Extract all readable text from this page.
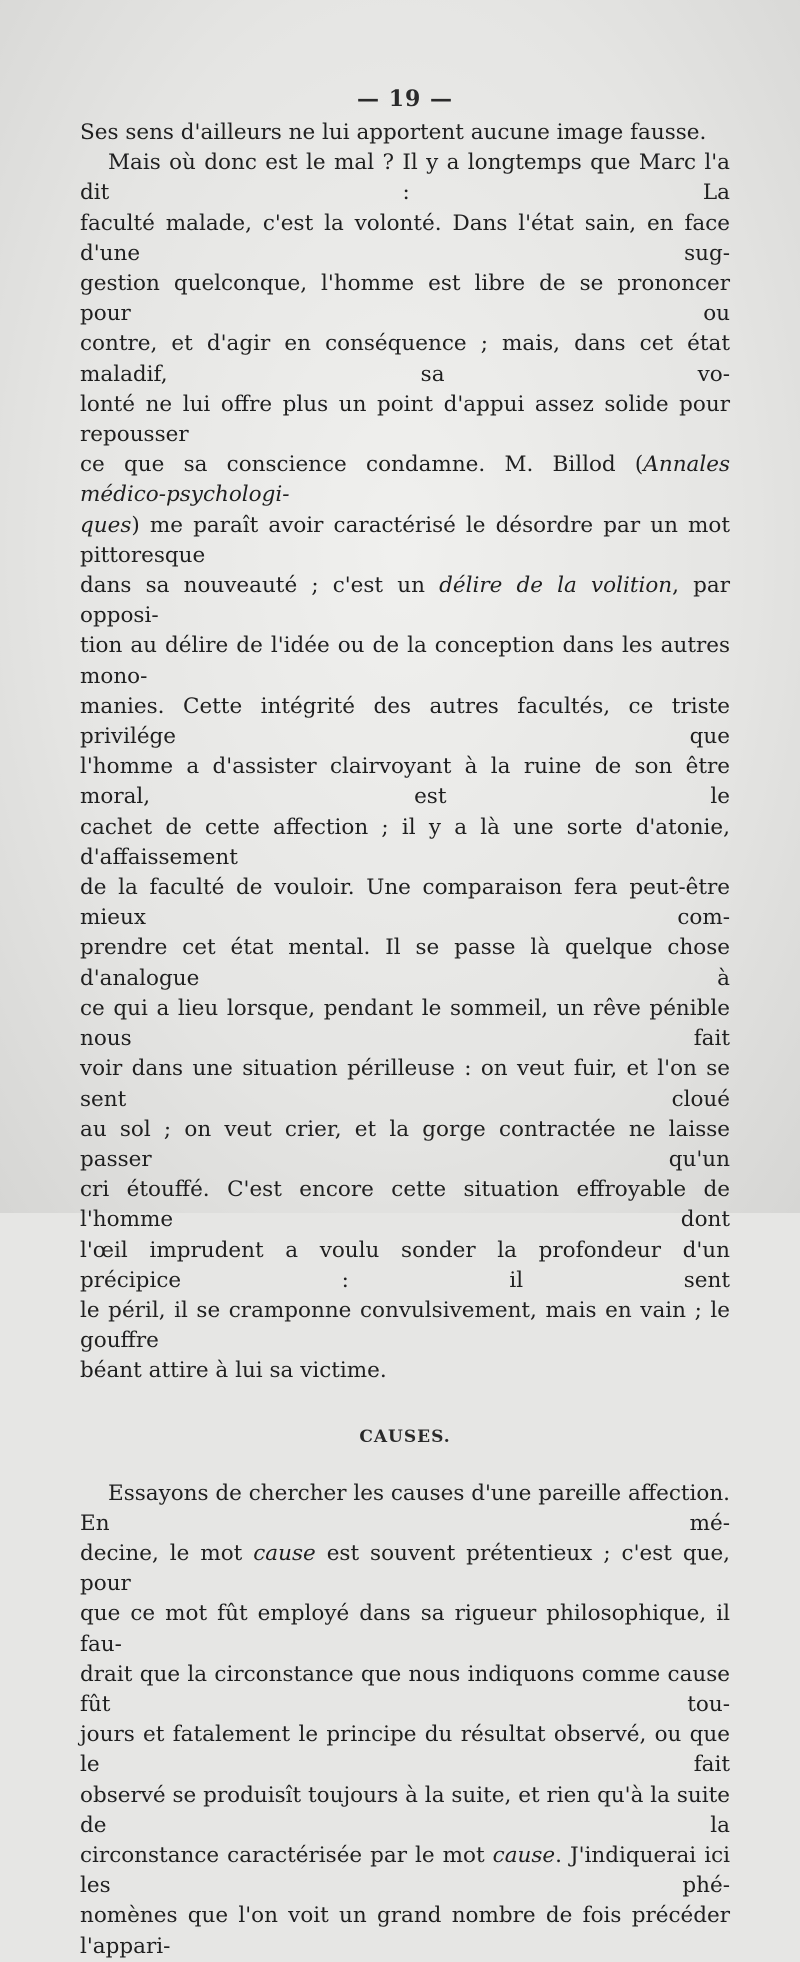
— 19 —

Ses sens d'ailleurs ne lui apportent aucune image fausse.

Mais où donc est le mal ? Il y a longtemps que Marc l'a dit : La

faculté malade, c'est la volonté. Dans l'état sain, en face d'une sug-

gestion quelconque, l'homme est libre de se prononcer pour ou

contre, et d'agir en conséquence ; mais, dans cet état maladif, sa vo-

lonté ne lui offre plus un point d'appui assez solide pour repousser

ce que sa conscience condamne. M. Billod (Annales médico-psychologi-

ques) me paraît avoir caractérisé le désordre par un mot pittoresque

dans sa nouveauté ; c'est un délire de la volition, par opposi-

tion au délire de l'idée ou de la conception dans les autres mono-

manies. Cette intégrité des autres facultés, ce triste privilége que

l'homme a d'assister clairvoyant à la ruine de son être moral, est le

cachet de cette affection ; il y a là une sorte d'atonie, d'affaissement

de la faculté de vouloir. Une comparaison fera peut-être mieux com-

prendre cet état mental. Il se passe là quelque chose d'analogue à

ce qui a lieu lorsque, pendant le sommeil, un rêve pénible nous fait

voir dans une situation périlleuse : on veut fuir, et l'on se sent cloué

au sol ; on veut crier, et la gorge contractée ne laisse passer qu'un

cri étouffé. C'est encore cette situation effroyable de l'homme dont

l'œil imprudent a voulu sonder la profondeur d'un précipice : il sent

le péril, il se cramponne convulsivement, mais en vain ; le gouffre

béant attire à lui sa victime.

CAUSES.

Essayons de chercher les causes d'une pareille affection. En mé-

decine, le mot cause est souvent prétentieux ; c'est que, pour

que ce mot fût employé dans sa rigueur philosophique, il fau-

drait que la circonstance que nous indiquons comme cause fût tou-

jours et fatalement le principe du résultat observé, ou que le fait

observé se produisît toujours à la suite, et rien qu'à la suite de la

circonstance caractérisée par le mot cause. J'indiquerai ici les phé-

nomènes que l'on voit un grand nombre de fois précéder l'appari-
